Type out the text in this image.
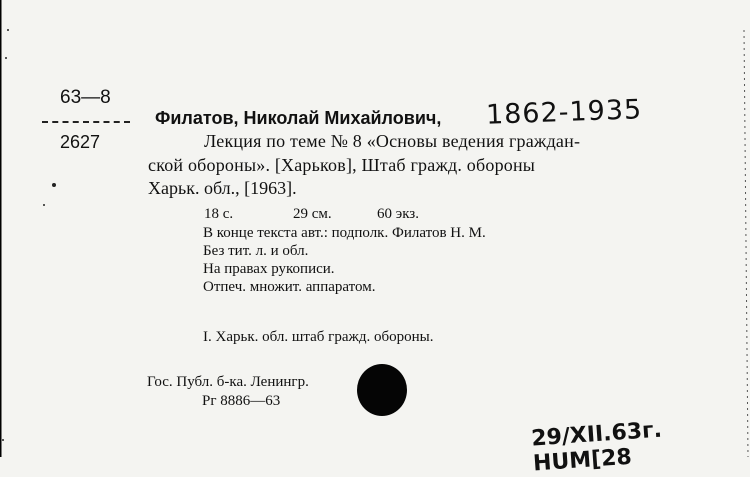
63—8
2627
Филатов, Николай Михайлович, 1862-1935
Лекция по теме № 8 «Основы ведения граждан-
ской обороны». [Харьков], Штаб гражд. обороны
Харьк. обл., [1963].
18 с.	29 см.	60 экз.
В конце текста авт.: подполк. Филатов Н. М.
Без тит. л. и обл.
На правах рукописи.
Отпеч. множит. аппаратом.
I. Харьк. обл. штаб гражд. обороны.
Гос. Публ. б-ка. Ленингр.
Рг 8886—63
29/XII.63г. HUM[28
